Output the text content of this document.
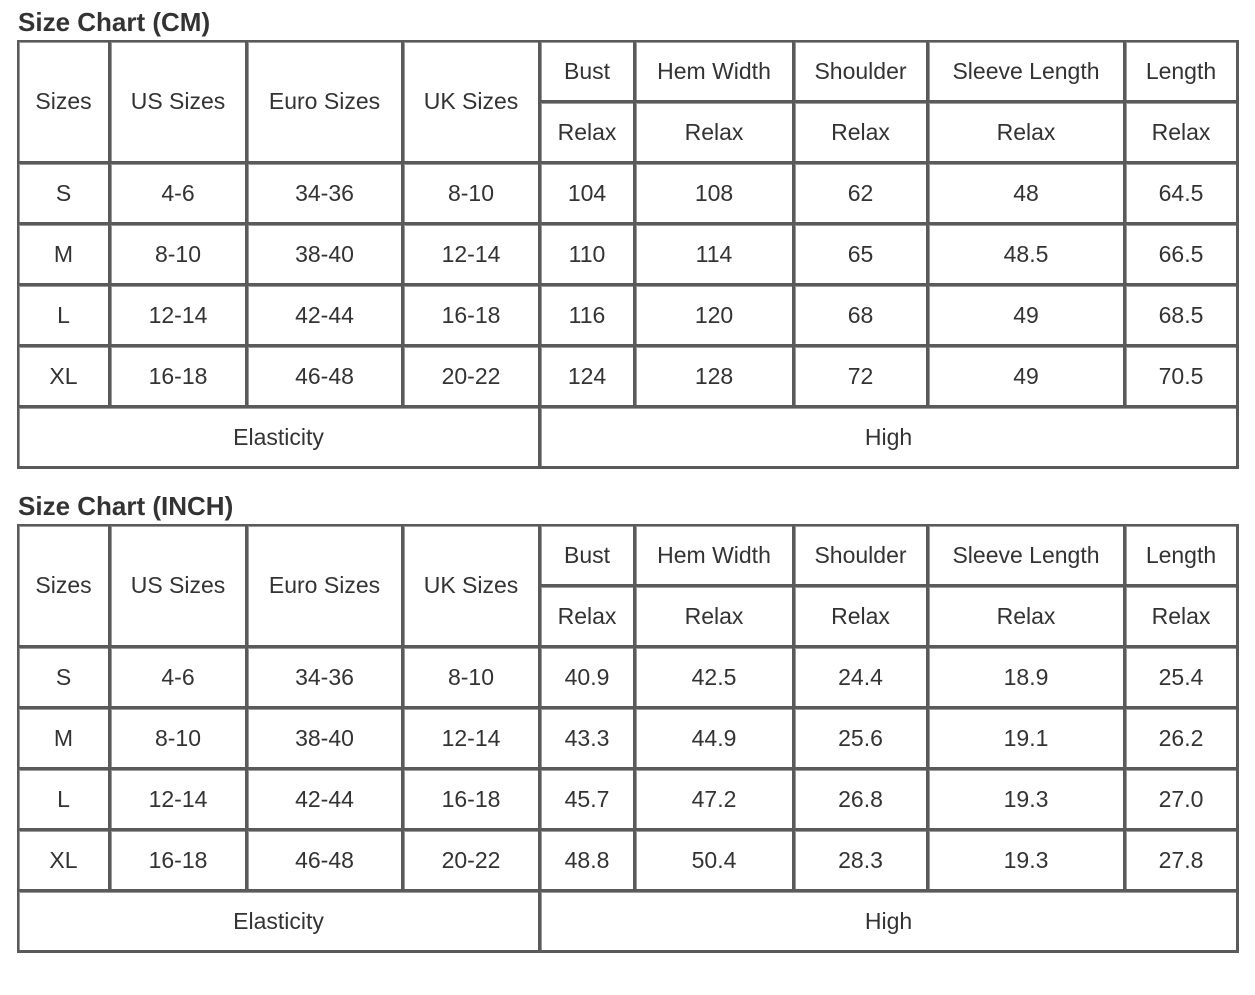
Size Chart (CM)
Sizes	US Sizes	Euro Sizes	UK Sizes	Bust	Hem Width	Shoulder	Sleeve Length	Length
				Relax	Relax	Relax	Relax	Relax
S	4-6	34-36	8-10	104	108	62	48	64.5
M	8-10	38-40	12-14	110	114	65	48.5	66.5
L	12-14	42-44	16-18	116	120	68	49	68.5
XL	16-18	46-48	20-22	124	128	72	49	70.5
Elasticity				High				
Size Chart (INCH)
Sizes	US Sizes	Euro Sizes	UK Sizes	Bust	Hem Width	Shoulder	Sleeve Length	Length
				Relax	Relax	Relax	Relax	Relax
S	4-6	34-36	8-10	40.9	42.5	24.4	18.9	25.4
M	8-10	38-40	12-14	43.3	44.9	25.6	19.1	26.2
L	12-14	42-44	16-18	45.7	47.2	26.8	19.3	27.0
XL	16-18	46-48	20-22	48.8	50.4	28.3	19.3	27.8
Elasticity				High				
